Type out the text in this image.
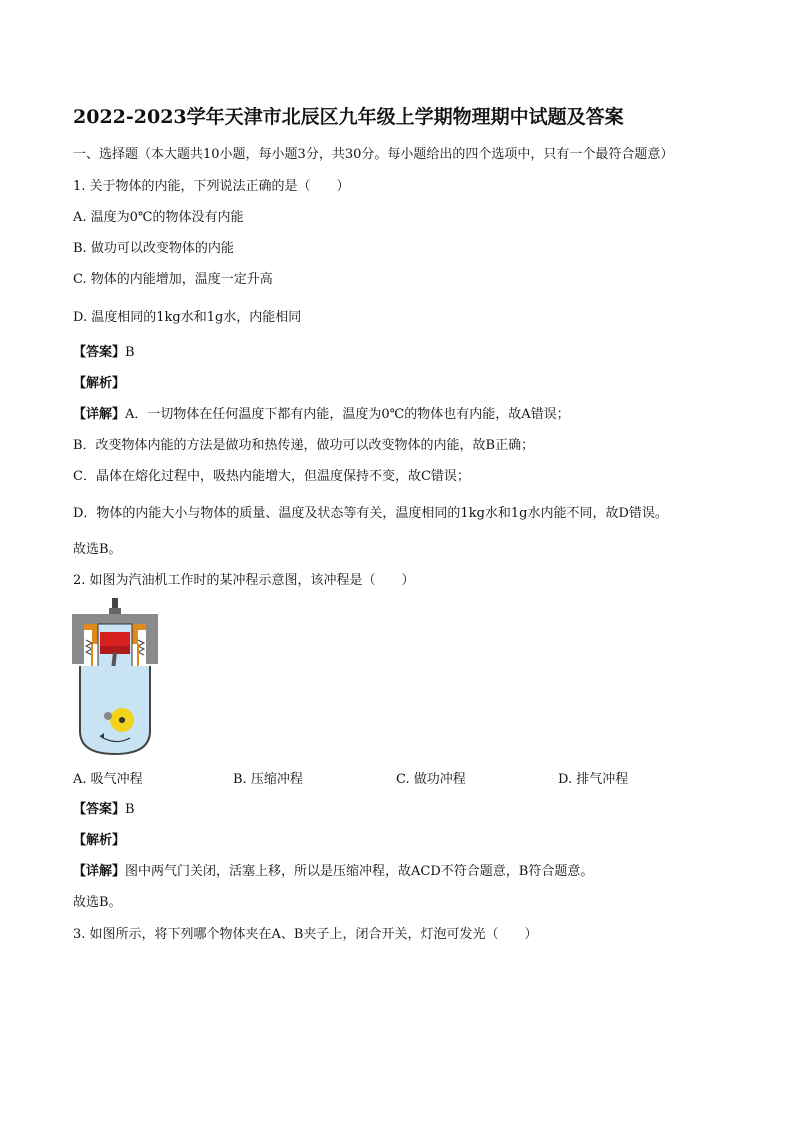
2022-2023学年天津市北辰区九年级上学期物理期中试题及答案
一、选择题（本大题共10小题，每小题3分，共30分。每小题给出的四个选项中，只有一个最符合题意）
1. 关于物体的内能，下列说法正确的是（　　）
A. 温度为0℃的物体没有内能
B. 做功可以改变物体的内能
C. 物体的内能增加，温度一定升高
D. 温度相同的1kg水和1g水，内能相同
【答案】B
【解析】
【详解】A．一切物体在任何温度下都有内能，温度为0℃的物体也有内能，故A错误；
B．改变物体内能的方法是做功和热传递，做功可以改变物体的内能，故B正确；
C．晶体在熔化过程中，吸热内能增大，但温度保持不变，故C错误；
D．物体的内能大小与物体的质量、温度及状态等有关，温度相同的1kg水和1g水内能不同，故D错误。
故选B。
2. 如图为汽油机工作时的某冲程示意图，该冲程是（　　）
A. 吸气冲程	B. 压缩冲程	C. 做功冲程	D. 排气冲程
【答案】B
【解析】
【详解】图中两气门关闭，活塞上移，所以是压缩冲程，故ACD不符合题意，B符合题意。
故选B。
3. 如图所示，将下列哪个物体夹在A、B夹子上，闭合开关，灯泡可发光（　　）
